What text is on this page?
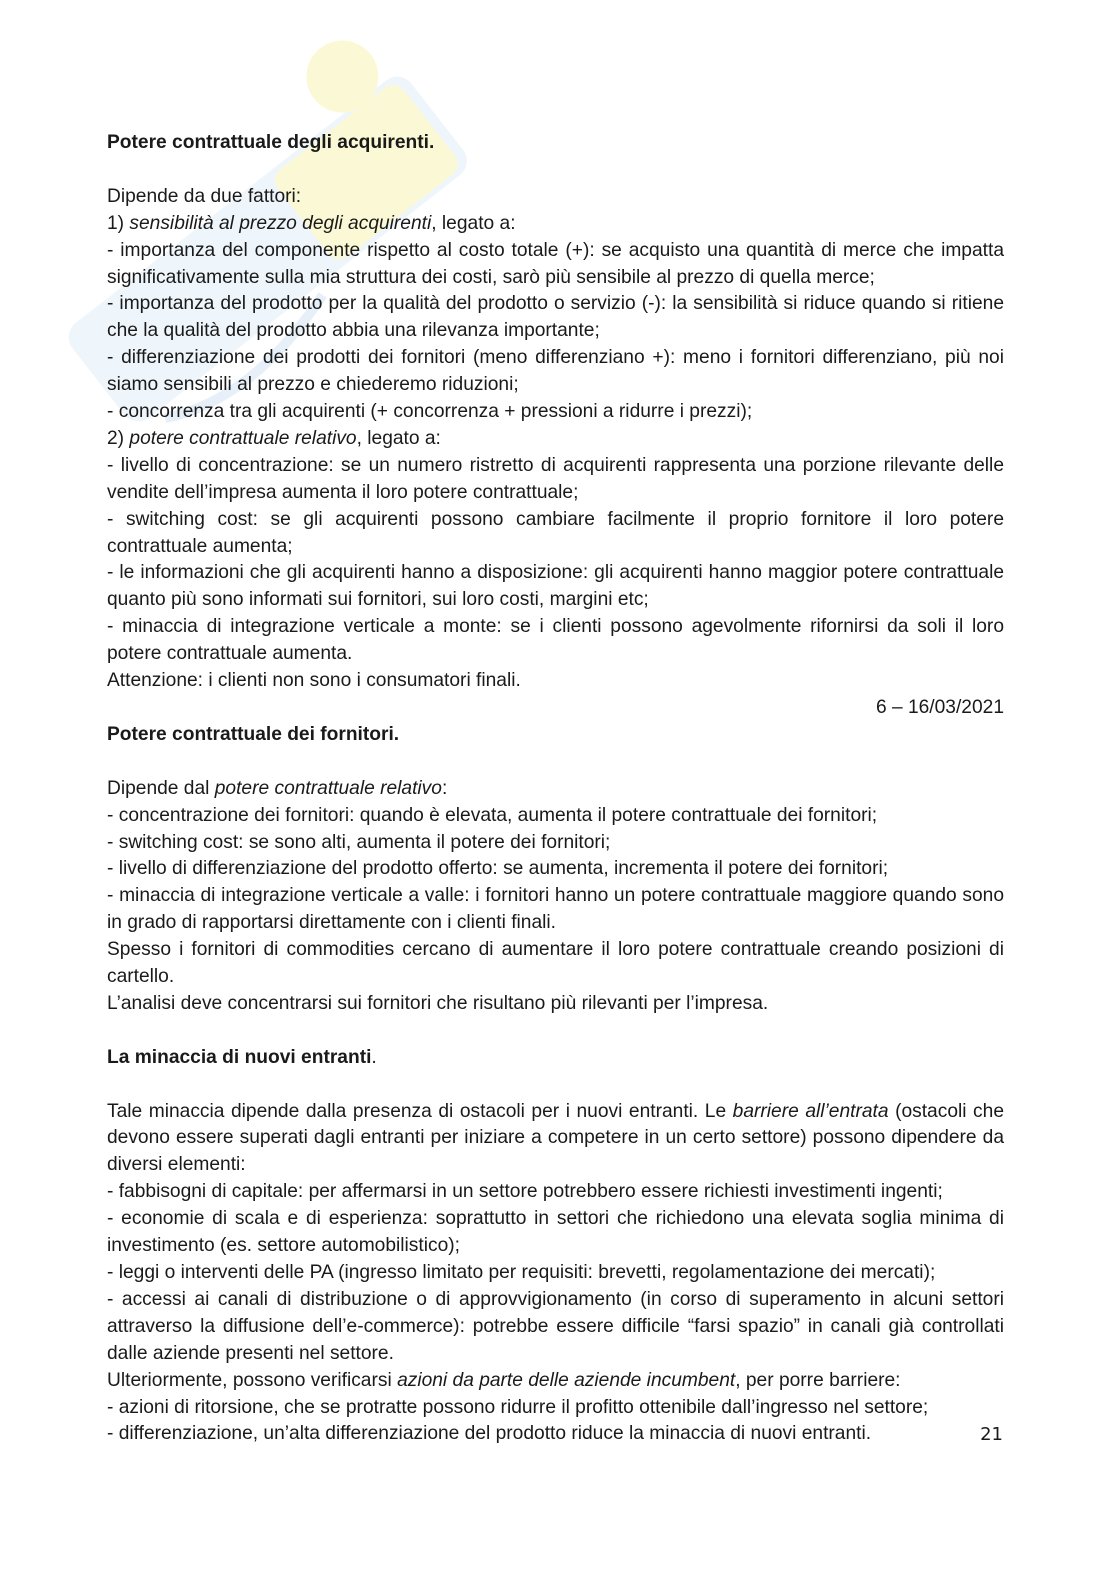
Potere contrattuale degli acquirenti.

Dipende da due fattori:

1) sensibilità al prezzo degli acquirenti, legato a:

- importanza del componente rispetto al costo totale (+): se acquisto una quantità di merce che impatta significativamente sulla mia struttura dei costi, sarò più sensibile al prezzo di quella merce;

- importanza del prodotto per la qualità del prodotto o servizio (-): la sensibilità si riduce quando si ritiene che la qualità del prodotto abbia una rilevanza importante;

- differenziazione dei prodotti dei fornitori (meno differenziano +): meno i fornitori differenziano, più noi siamo sensibili al prezzo e chiederemo riduzioni;

- concorrenza tra gli acquirenti (+ concorrenza + pressioni a ridurre i prezzi);

2) potere contrattuale relativo, legato a:

- livello di concentrazione: se un numero ristretto di acquirenti rappresenta una porzione rilevante delle vendite dell’impresa aumenta il loro potere contrattuale;

- switching cost: se gli acquirenti possono cambiare facilmente il proprio fornitore il loro potere contrattuale aumenta;

- le informazioni che gli acquirenti hanno a disposizione: gli acquirenti hanno maggior potere contrattuale quanto più sono informati sui fornitori, sui loro costi, margini etc;

- minaccia di integrazione verticale a monte: se i clienti possono agevolmente rifornirsi da soli il loro potere contrattuale aumenta.

Attenzione: i clienti non sono i consumatori finali.

6 – 16/03/2021

Potere contrattuale dei fornitori.

Dipende dal potere contrattuale relativo:

- concentrazione dei fornitori: quando è elevata, aumenta il potere contrattuale dei fornitori;

- switching cost: se sono alti, aumenta il potere dei fornitori;

- livello di differenziazione del prodotto offerto: se aumenta, incrementa il potere dei fornitori;

- minaccia di integrazione verticale a valle: i fornitori hanno un potere contrattuale maggiore quando sono in grado di rapportarsi direttamente con i clienti finali.

Spesso i fornitori di commodities cercano di aumentare il loro potere contrattuale creando posizioni di cartello.

L’analisi deve concentrarsi sui fornitori che risultano più rilevanti per l’impresa.

La minaccia di nuovi entranti.

Tale minaccia dipende dalla presenza di ostacoli per i nuovi entranti. Le barriere all’entrata (ostacoli che devono essere superati dagli entranti per iniziare a competere in un certo settore) possono dipendere da diversi elementi:

- fabbisogni di capitale: per affermarsi in un settore potrebbero essere richiesti investimenti ingenti;

- economie di scala e di esperienza: soprattutto in settori che richiedono una elevata soglia minima di investimento (es. settore automobilistico);

- leggi o interventi delle PA (ingresso limitato per requisiti: brevetti, regolamentazione dei mercati);

- accessi ai canali di distribuzione o di approvvigionamento (in corso di superamento in alcuni settori attraverso la diffusione dell’e-commerce): potrebbe essere difficile “farsi spazio” in canali già controllati dalle aziende presenti nel settore.

Ulteriormente, possono verificarsi azioni da parte delle aziende incumbent, per porre barriere:

- azioni di ritorsione, che se protratte possono ridurre il profitto ottenibile dall’ingresso nel settore;

- differenziazione, un’alta differenziazione del prodotto riduce la minaccia di nuovi entranti.	21
